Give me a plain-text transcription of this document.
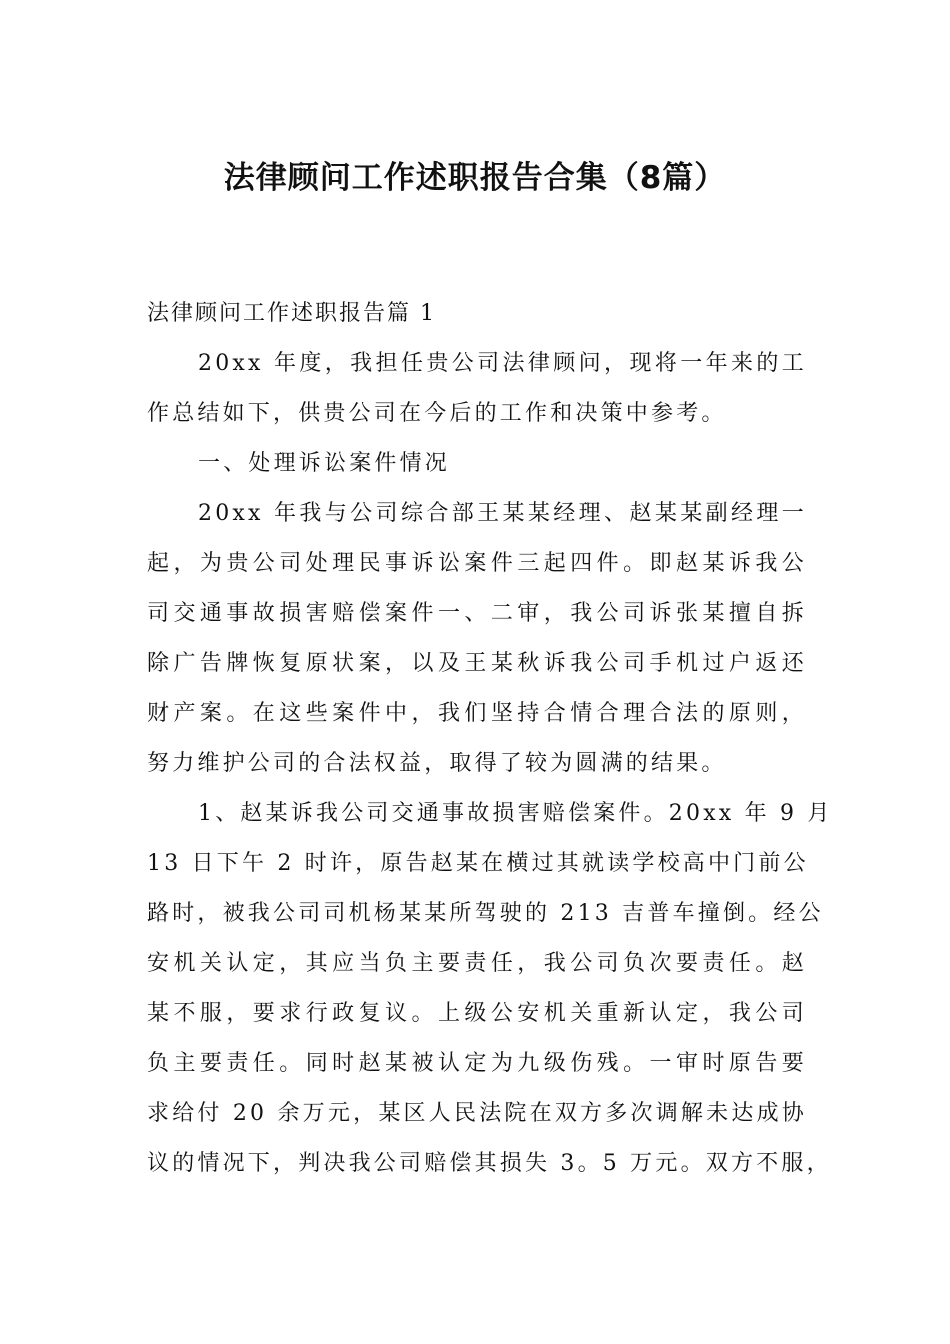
法律顾问工作述职报告合集（8篇）
法律顾问工作述职报告篇 1
20xx 年度，我担任贵公司法律顾问，现将一年来的工
作总结如下，供贵公司在今后的工作和决策中参考。
一、处理诉讼案件情况
20xx 年我与公司综合部王某某经理、赵某某副经理一
起，为贵公司处理民事诉讼案件三起四件。即赵某诉我公
司交通事故损害赔偿案件一、二审，我公司诉张某擅自拆
除广告牌恢复原状案，以及王某秋诉我公司手机过户返还
财产案。在这些案件中，我们坚持合情合理合法的原则，
努力维护公司的合法权益，取得了较为圆满的结果。
1、赵某诉我公司交通事故损害赔偿案件。20xx 年 9 月
13 日下午 2 时许，原告赵某在横过其就读学校高中门前公
路时，被我公司司机杨某某所驾驶的 213 吉普车撞倒。经公
安机关认定，其应当负主要责任，我公司负次要责任。赵
某不服，要求行政复议。上级公安机关重新认定，我公司
负主要责任。同时赵某被认定为九级伤残。一审时原告要
求给付 20 余万元，某区人民法院在双方多次调解未达成协
议的情况下，判决我公司赔偿其损失 3。5 万元。双方不服，
